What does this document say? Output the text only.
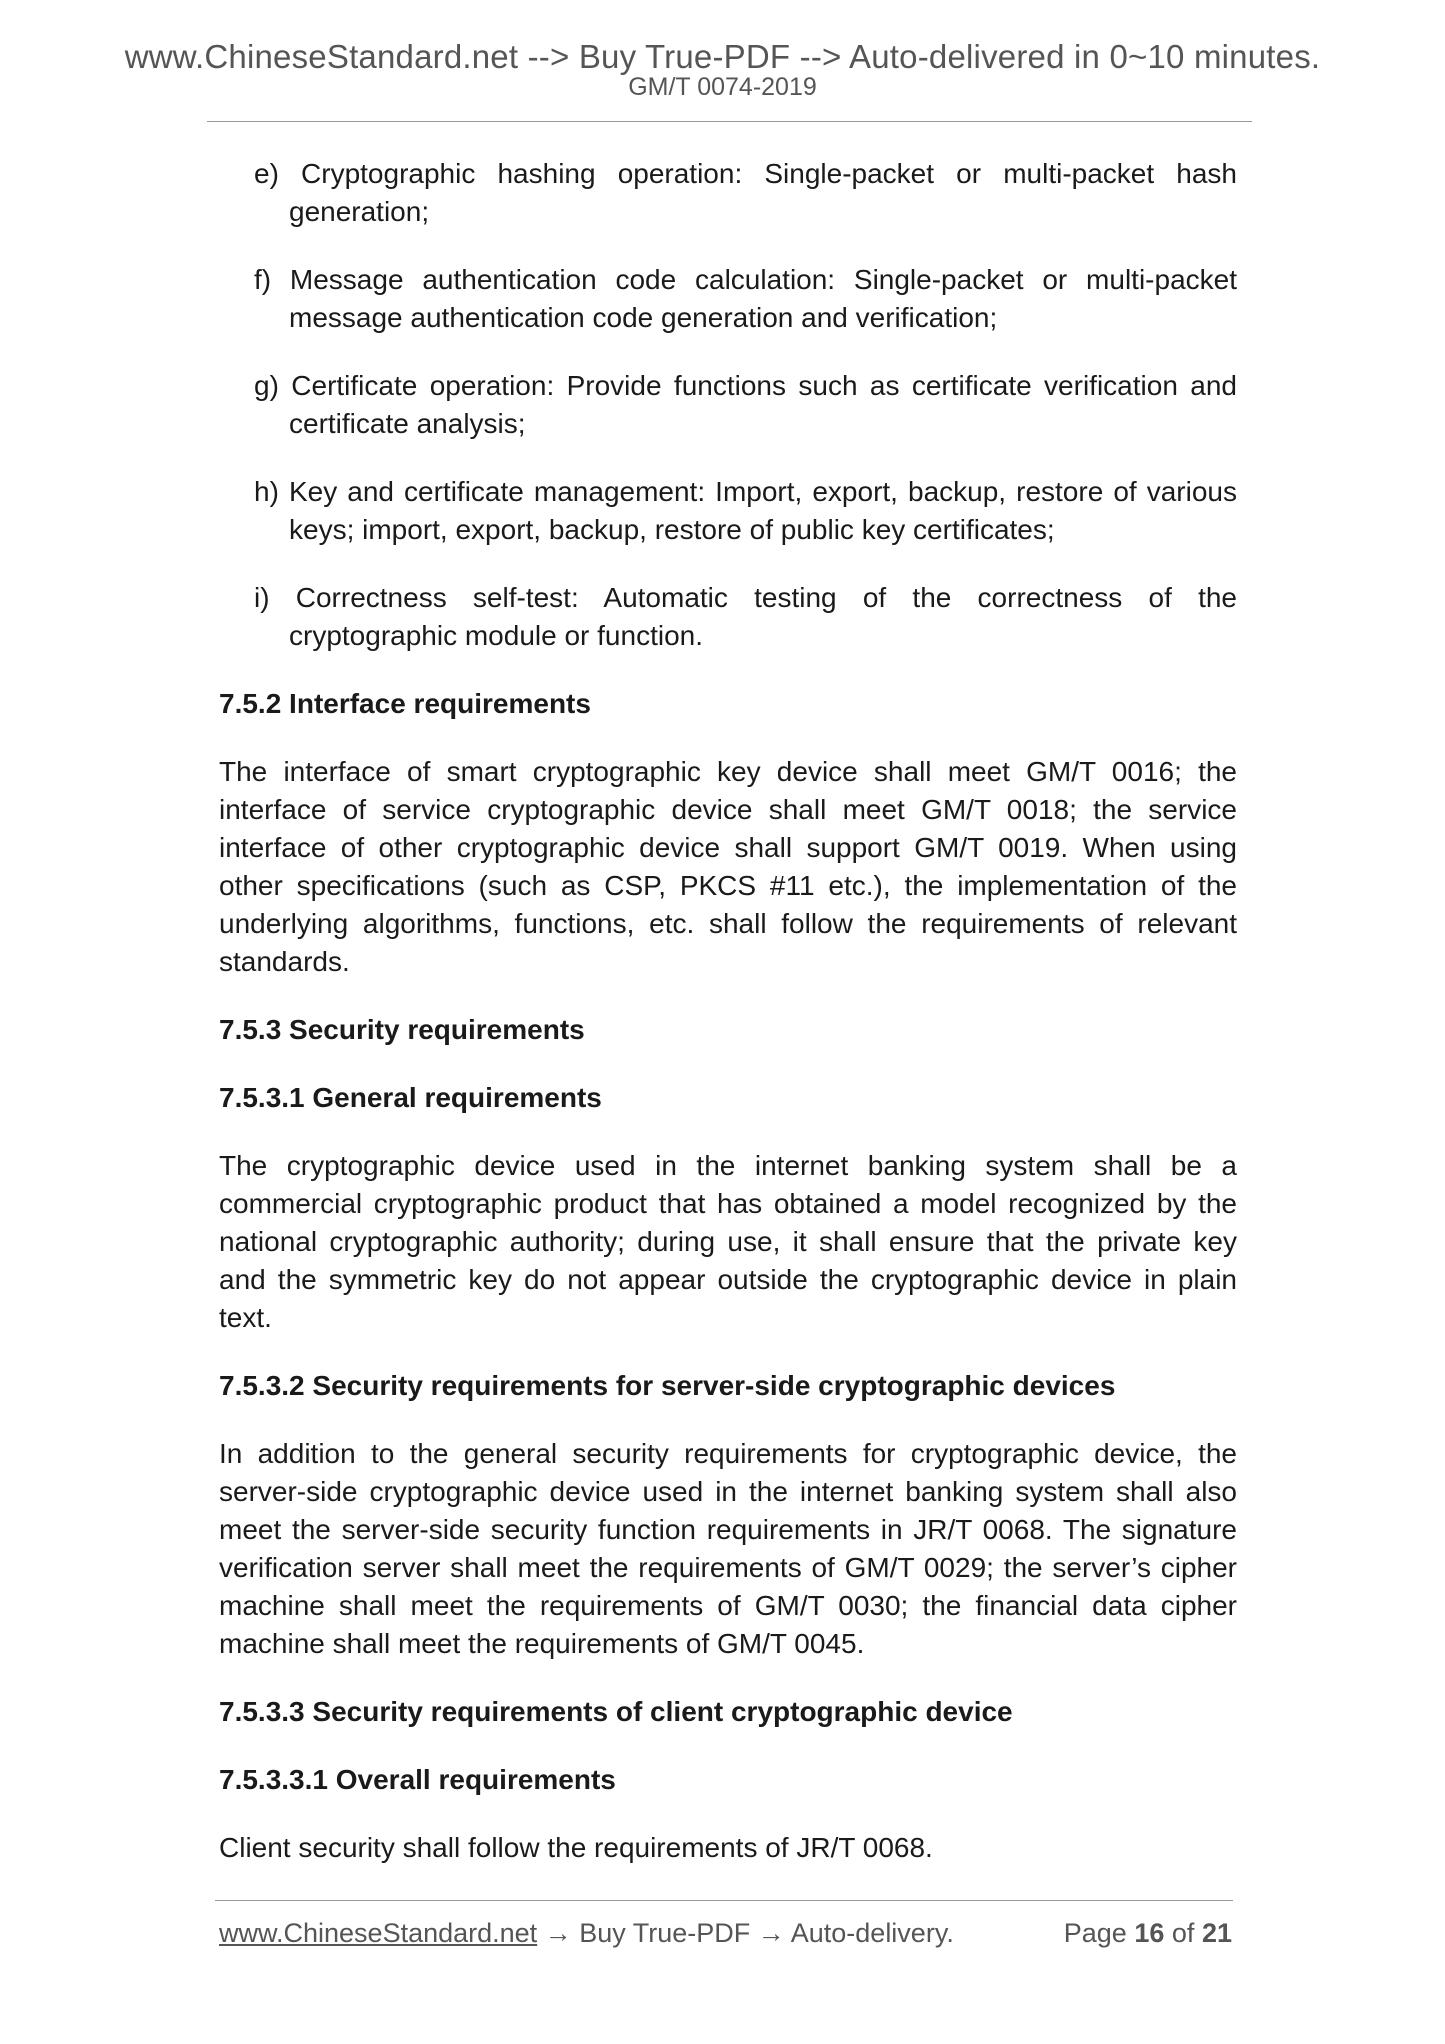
www.ChineseStandard.net --> Buy True-PDF --> Auto-delivered in 0~10 minutes.
GM/T 0074-2019

e) Cryptographic hashing operation: Single-packet or multi-packet hash generation;

f) Message authentication code calculation: Single-packet or multi-packet message authentication code generation and verification;

g) Certificate operation: Provide functions such as certificate verification and certificate analysis;

h) Key and certificate management: Import, export, backup, restore of various keys; import, export, backup, restore of public key certificates;

i) Correctness self-test: Automatic testing of the correctness of the cryptographic module or function.

7.5.2 Interface requirements

The interface of smart cryptographic key device shall meet GM/T 0016; the interface of service cryptographic device shall meet GM/T 0018; the service interface of other cryptographic device shall support GM/T 0019. When using other specifications (such as CSP, PKCS #11 etc.), the implementation of the underlying algorithms, functions, etc. shall follow the requirements of relevant standards.

7.5.3 Security requirements

7.5.3.1 General requirements

The cryptographic device used in the internet banking system shall be a commercial cryptographic product that has obtained a model recognized by the national cryptographic authority; during use, it shall ensure that the private key and the symmetric key do not appear outside the cryptographic device in plain text.

7.5.3.2 Security requirements for server-side cryptographic devices

In addition to the general security requirements for cryptographic device, the server-side cryptographic device used in the internet banking system shall also meet the server-side security function requirements in JR/T 0068. The signature verification server shall meet the requirements of GM/T 0029; the server’s cipher machine shall meet the requirements of GM/T 0030; the financial data cipher machine shall meet the requirements of GM/T 0045.

7.5.3.3 Security requirements of client cryptographic device

7.5.3.3.1 Overall requirements

Client security shall follow the requirements of JR/T 0068.

www.ChineseStandard.net → Buy True-PDF → Auto-delivery.	Page 16 of 21
